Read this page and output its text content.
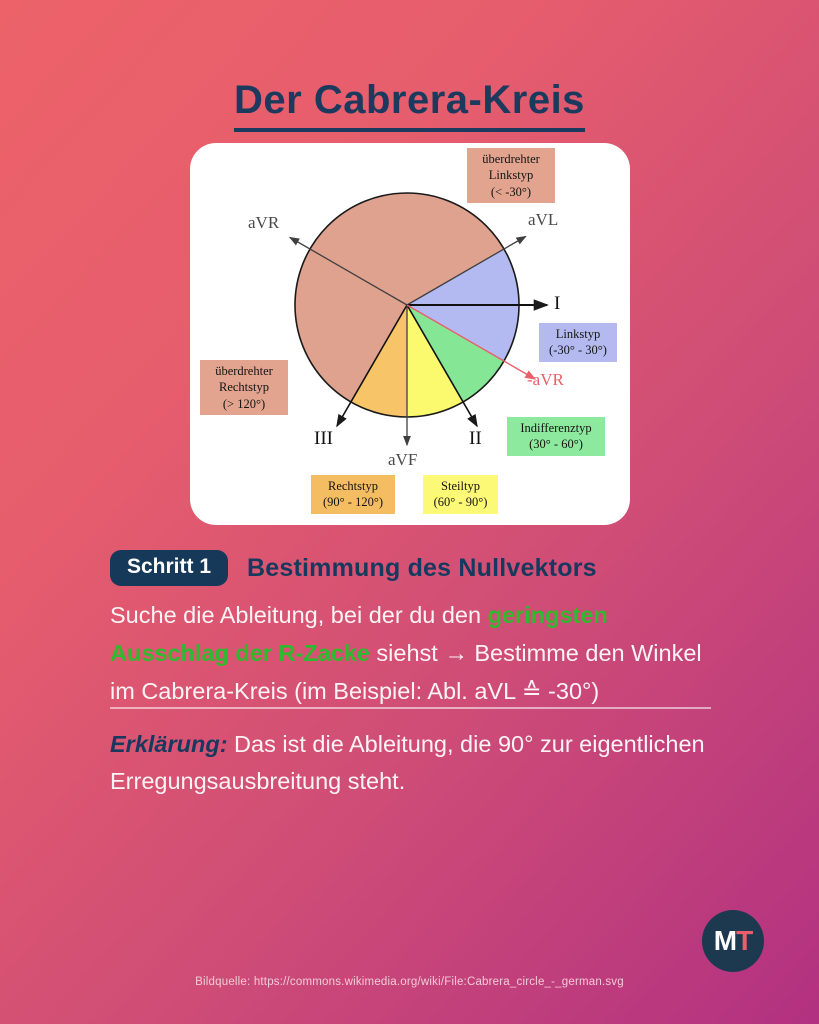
Der Cabrera-Kreis
aVR	aVL
I
-aVR
II
III
aVF
überdrehter Linkstyp
(< -30°)
Linkstyp
(-30° - 30°)
Indifferenztyp
(30° - 60°)
Steiltyp
(60° - 90°)
Rechtstyp
(90° - 120°)
überdrehter Rechtstyp
(> 120°)
Schritt 1	Bestimmung des Nullvektors
Suche die Ableitung, bei der du den geringsten Ausschlag der R-Zacke siehst → Bestimme den Winkel im Cabrera-Kreis (im Beispiel: Abl. aVL ≙ -30°)
Erklärung: Das ist die Ableitung, die 90° zur eigentlichen Erregungsausbreitung steht.
M T
Bildquelle: https://commons.wikimedia.org/wiki/File:Cabrera_circle_-_german.svg
